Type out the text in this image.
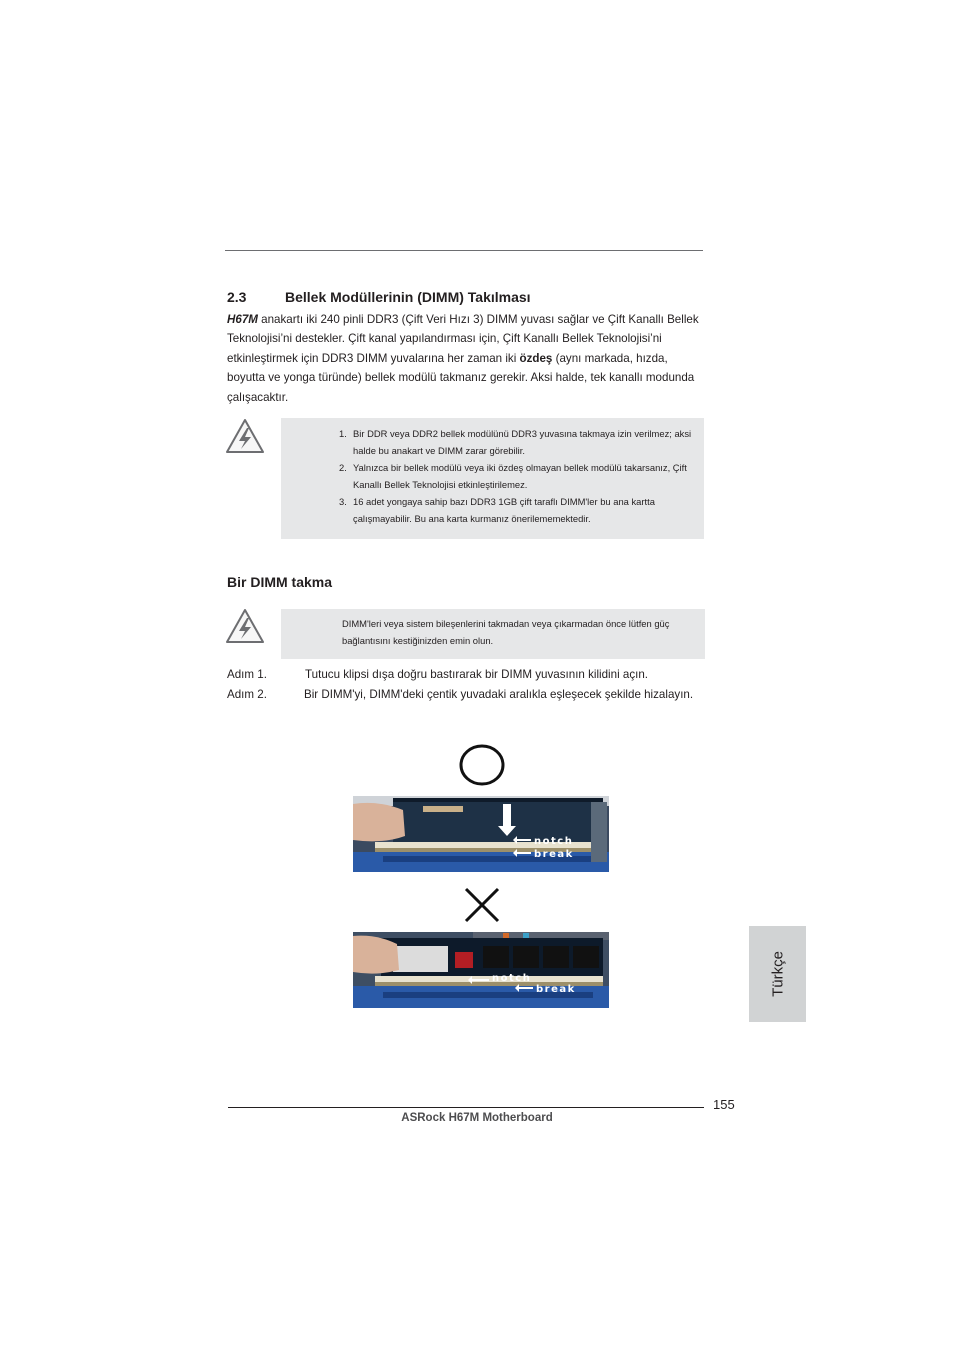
2.3	Bellek Modüllerinin (DIMM) Takılması
H67M anakartı iki 240 pinli DDR3 (Çift Veri Hızı 3) DIMM yuvası sağlar ve Çift Kanallı Bellek Teknolojisi’ni destekler. Çift kanal yapılandırması için, Çift Kanallı Bellek Teknolojisi’ni etkinleştirmek için DDR3 DIMM yuvalarına her zaman iki özdeş (aynı markada, hızda, boyutta ve yonga türünde) bellek modülü takmanız gerekir. Aksi halde, tek kanallı modunda çalışacaktır.
1. Bir DDR veya DDR2 bellek modülünü DDR3 yuvasına takmaya izin verilmez; aksi halde bu anakart ve DIMM zarar görebilir.
2. Yalnızca bir bellek modülü veya iki özdeş olmayan bellek modülü takarsanız, Çift Kanallı Bellek Teknolojisi etkinleştirilemez.
3. 16 adet yongaya sahip bazı DDR3 1GB çift taraflı DIMM'ler bu ana kartta çalışmayabilir. Bu ana karta kurmanız önerilememektedir.
Bir DIMM takma
DIMM'leri veya sistem bileşenlerini takmadan veya çıkarmadan önce lütfen güç bağlantısını kestiğinizden emin olun.
Adım 1.	Tutucu klipsi dışa doğru bastırarak bir DIMM yuvasının kilidini açın.
Adım 2.	Bir DIMM'yi, DIMM'deki çentik yuvadaki aralıkla eşleşecek şekilde hizalayın.
notch
break
notch
break	Türkçe
155
ASRock H67M Motherboard
